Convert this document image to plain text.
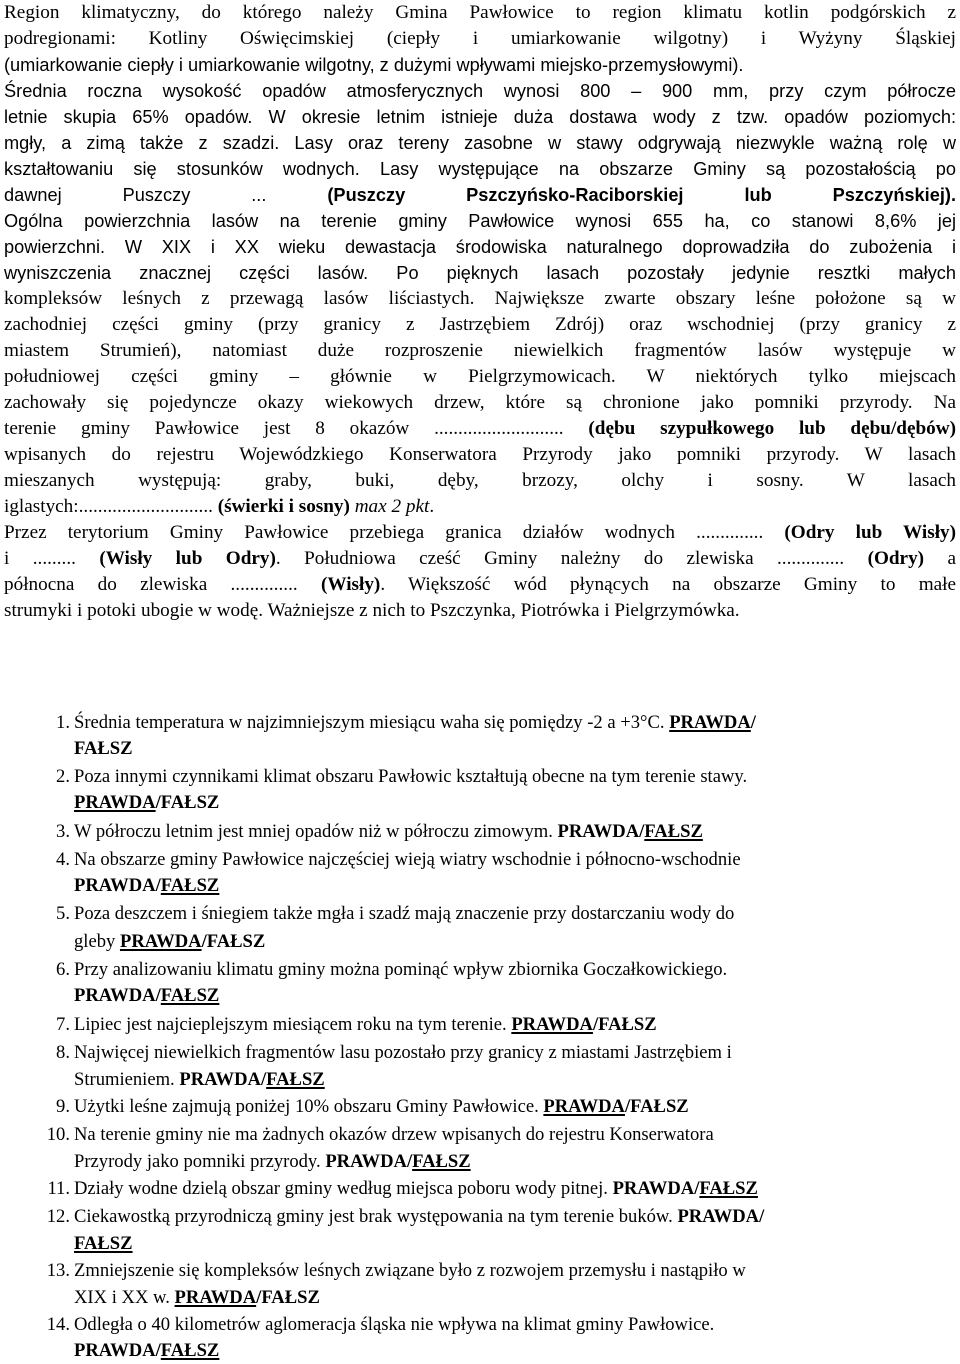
Region klimatyczny, do którego należy Gmina Pawłowice to region klimatu kotlin podgórskich z
podregionami: Kotliny Oświęcimskiej (ciepły i umiarkowanie wilgotny) i Wyżyny Śląskiej
(umiarkowanie ciepły i umiarkowanie wilgotny, z dużymi wpływami miejsko-przemysłowymi).
Średnia roczna wysokość opadów atmosferycznych wynosi 800 – 900 mm, przy czym półrocze
letnie skupia 65% opadów. W okresie letnim istnieje duża dostawa wody z tzw. opadów poziomych:
mgły, a zimą także z szadzi. Lasy oraz tereny zasobne w stawy odgrywają niezwykle ważną rolę w
kształtowaniu się stosunków wodnych. Lasy występujące na obszarze Gminy są pozostałością po
dawnej Puszczy ...	(Puszczy Pszczyńsko-Raciborskiej lub Pszczyńskiej).
Ogólna powierzchnia lasów na terenie gminy Pawłowice wynosi 655 ha, co stanowi 8,6% jej
powierzchni. W XIX i XX wieku dewastacja środowiska naturalnego doprowadziła do zubożenia i
wyniszczenia znacznej części lasów. Po pięknych lasach pozostały jedynie resztki małych
kompleksów leśnych z przewagą lasów liściastych. Największe zwarte obszary leśne położone są w
zachodniej części gminy (przy granicy z Jastrzębiem Zdrój) oraz wschodniej (przy granicy z
miastem Strumień), natomiast duże rozproszenie niewielkich fragmentów lasów występuje w
południowej części gminy – głównie w Pielgrzymowicach. W niektórych tylko miejscach
zachowały się pojedyncze okazy wiekowych drzew, które są chronione jako pomniki przyrody. Na
terenie gminy Pawłowice jest 8 okazów ........................... (dębu szypułkowego lub dębu/dębów)
wpisanych do rejestru Wojewódzkiego Konserwatora Przyrody jako pomniki przyrody. W lasach
mieszanych występują: graby, buki, dęby, brzozy, olchy i sosny. W lasach
iglastych:............................ (świerki i sosny) max 2 pkt.
Przez terytorium Gminy Pawłowice przebiega granica działów wodnych .............. (Odry lub Wisły)
i ......... (Wisły lub Odry). Południowa cześć Gminy należny do zlewiska .............. (Odry) a
północna do zlewiska .............. (Wisły). Większość wód płynących na obszarze Gminy to małe
strumyki i potoki ubogie w wodę. Ważniejsze z nich to Pszczynka, Piotrówka i Pielgrzymówka.
1. Średnia temperatura w najzimniejszym miesiącu waha się pomiędzy -2 a +3°C. PRAWDA/
FAŁSZ
2. Poza innymi czynnikami klimat obszaru Pawłowic kształtują obecne na tym terenie stawy.
PRAWDA/FAŁSZ
3. W półroczu letnim jest mniej opadów niż w półroczu zimowym. PRAWDA/FAŁSZ
4. Na obszarze gminy Pawłowice najczęściej wieją wiatry wschodnie i północno-wschodnie
PRAWDA/FAŁSZ
5. Poza deszczem i śniegiem także mgła i szadź mają znaczenie przy dostarczaniu wody do
gleby PRAWDA/FAŁSZ
6. Przy analizowaniu klimatu gminy można pominąć wpływ zbiornika Goczałkowickiego.
PRAWDA/FAŁSZ
7. Lipiec jest najcieplejszym miesiącem roku na tym terenie. PRAWDA/FAŁSZ
8. Najwięcej niewielkich fragmentów lasu pozostało przy granicy z miastami Jastrzębiem i
Strumieniem. PRAWDA/FAŁSZ
9. Użytki leśne zajmują poniżej 10% obszaru Gminy Pawłowice. PRAWDA/FAŁSZ
10. Na terenie gminy nie ma żadnych okazów drzew wpisanych do rejestru Konserwatora
Przyrody jako pomniki przyrody. PRAWDA/FAŁSZ
11. Działy wodne dzielą obszar gminy według miejsca poboru wody pitnej. PRAWDA/FAŁSZ
12. Ciekawostką przyrodniczą gminy jest brak występowania na tym terenie buków. PRAWDA/
FAŁSZ
13. Zmniejszenie się kompleksów leśnych związane było z rozwojem przemysłu i nastąpiło w
XIX i XX w. PRAWDA/FAŁSZ
14. Odległa o 40 kilometrów aglomeracja śląska nie wpływa na klimat gminy Pawłowice.
PRAWDA/FAŁSZ
